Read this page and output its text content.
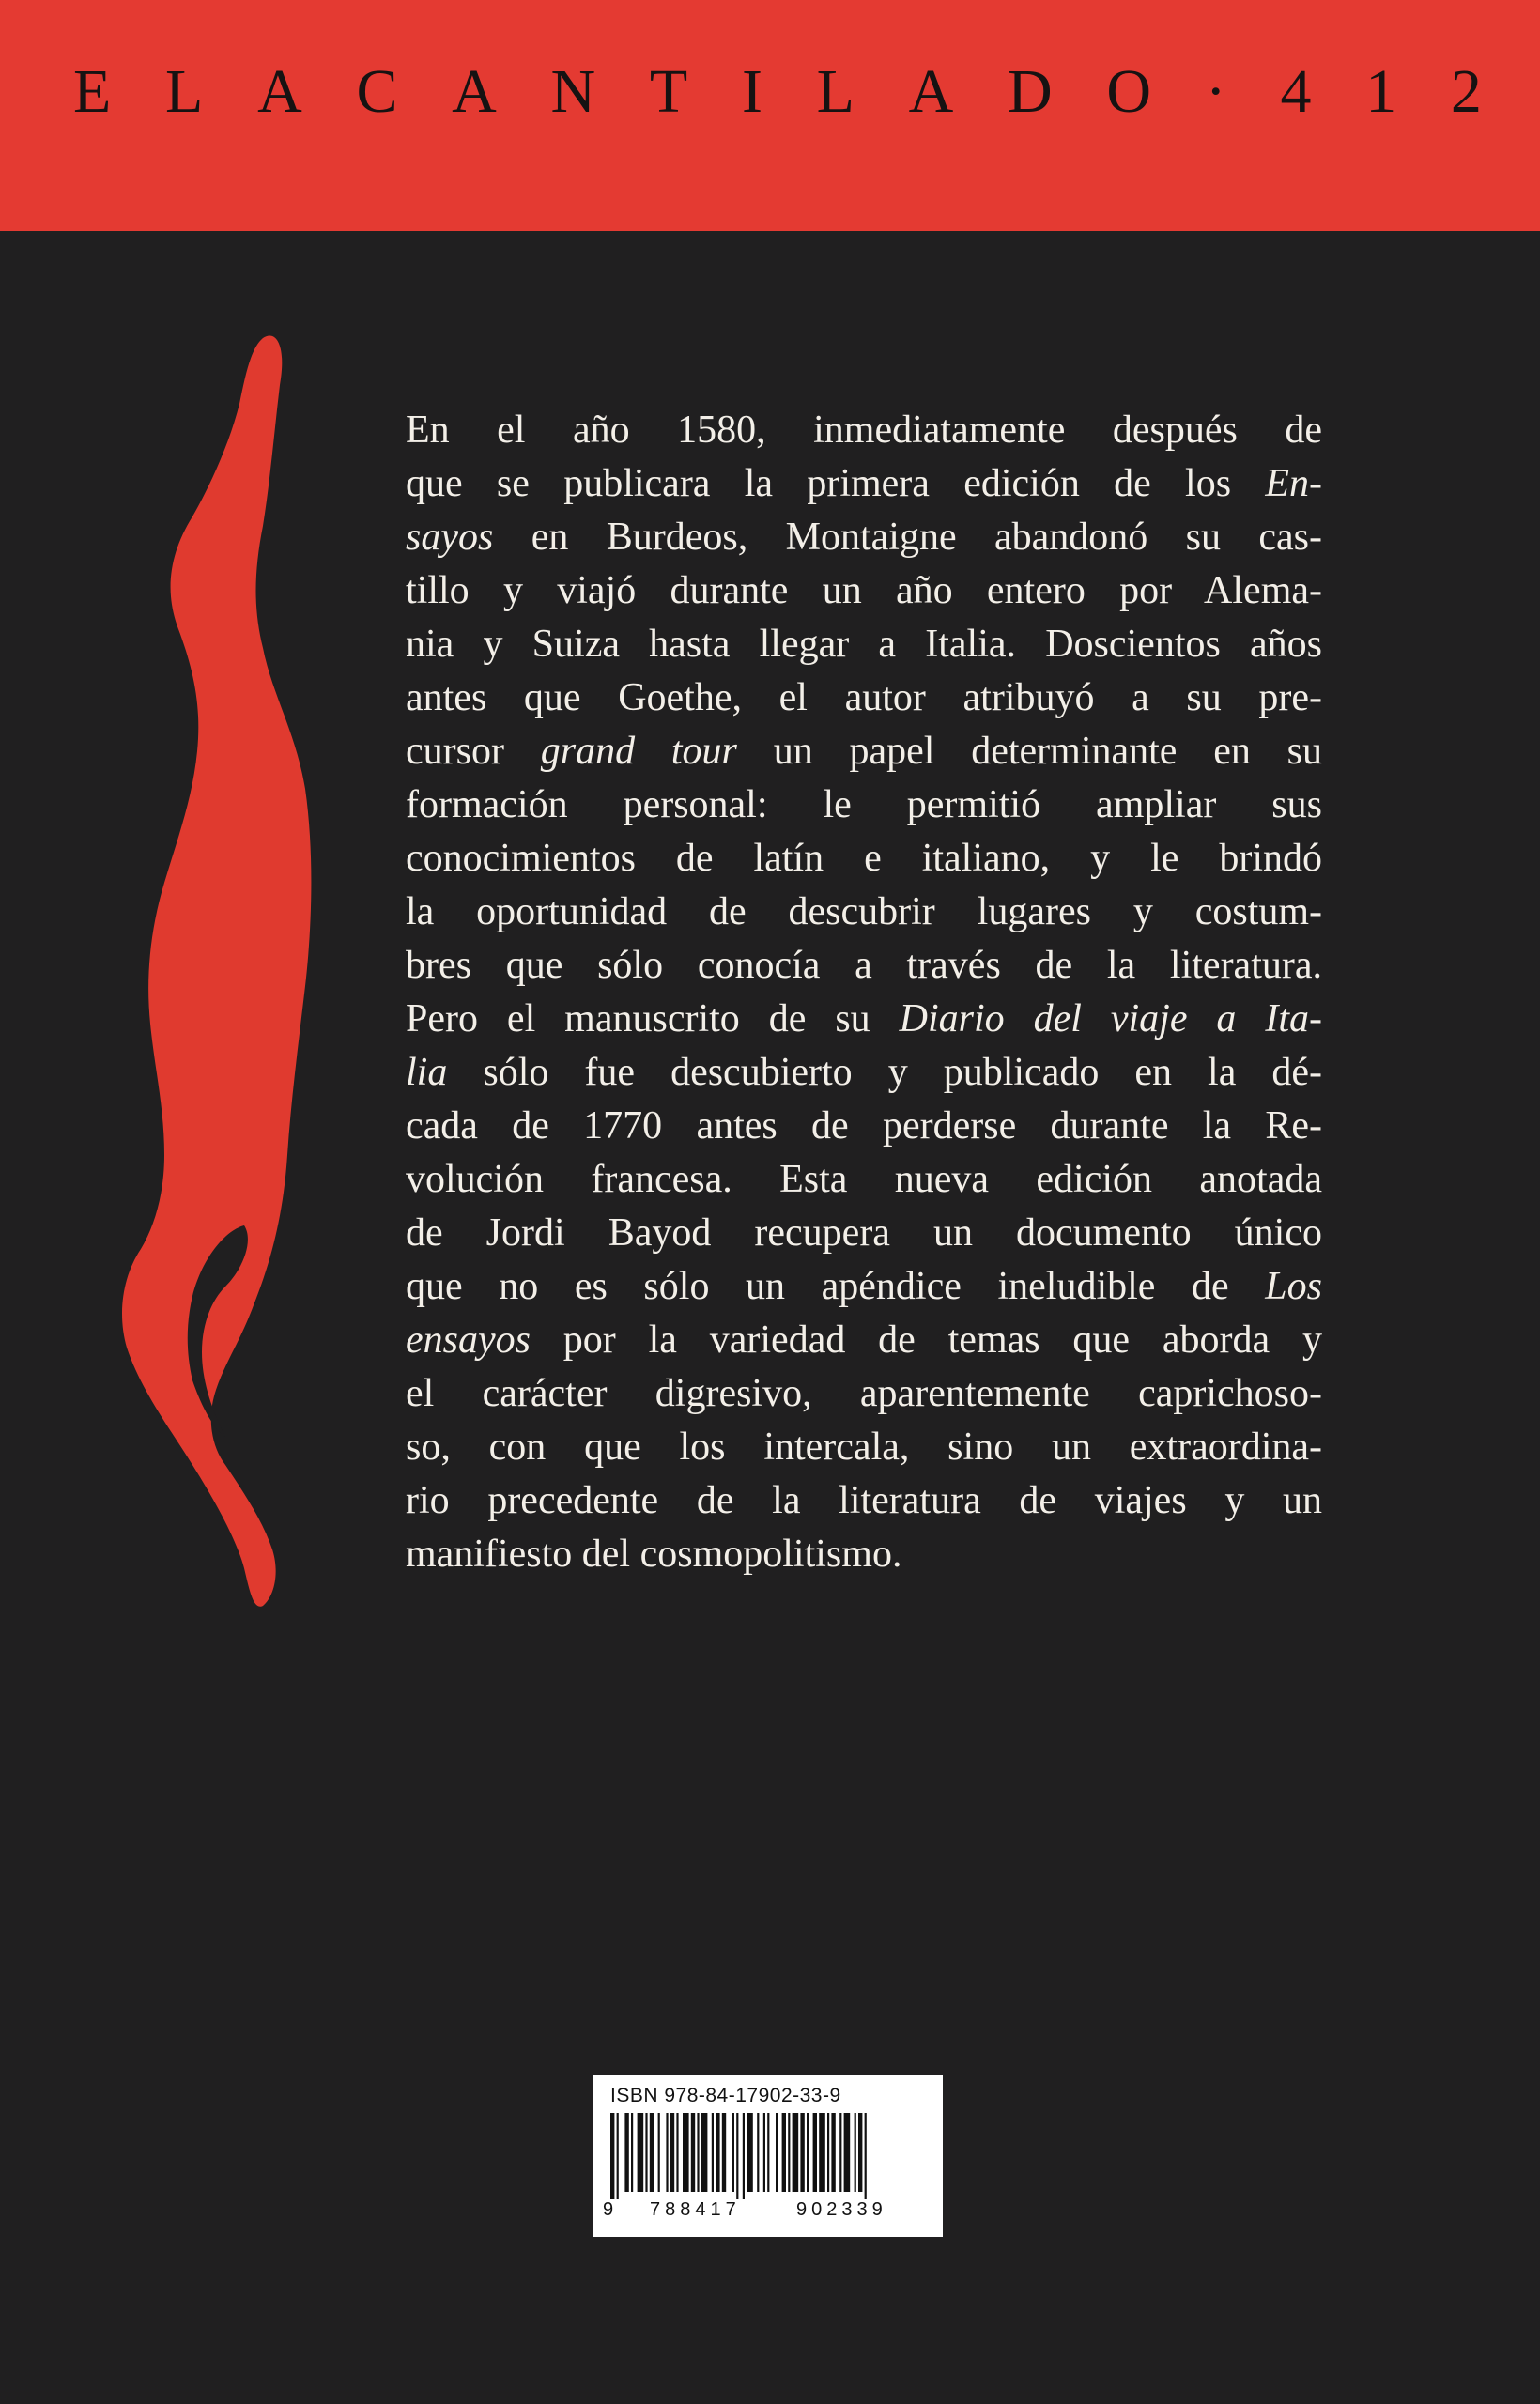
E L A C A N T I L A D O · 4 1 2
En el año 1580, inmediatamente después de
que se publicara la primera edición de los En-
sayos en Burdeos, Montaigne abandonó su cas-
tillo y viajó durante un año entero por Alema-
nia y Suiza hasta llegar a Italia. Doscientos años
antes que Goethe, el autor atribuyó a su pre-
cursor grand tour un papel determinante en su
formación personal: le permitió ampliar sus
conocimientos de latín e italiano, y le brindó
la oportunidad de descubrir lugares y costum-
bres que sólo conocía a través de la literatura.
Pero el manuscrito de su Diario del viaje a Ita-
lia sólo fue descubierto y publicado en la dé-
cada de 1770 antes de perderse durante la Re-
volución francesa. Esta nueva edición anotada
de Jordi Bayod recupera un documento único
que no es sólo un apéndice ineludible de Los
ensayos por la variedad de temas que aborda y
el carácter digresivo, aparentemente caprichoso-
so, con que los intercala, sino un extraordina-
rio precedente de la literatura de viajes y un
manifiesto del cosmopolitismo.
ISBN 978-84-17902-33-9
9 788417	902339
